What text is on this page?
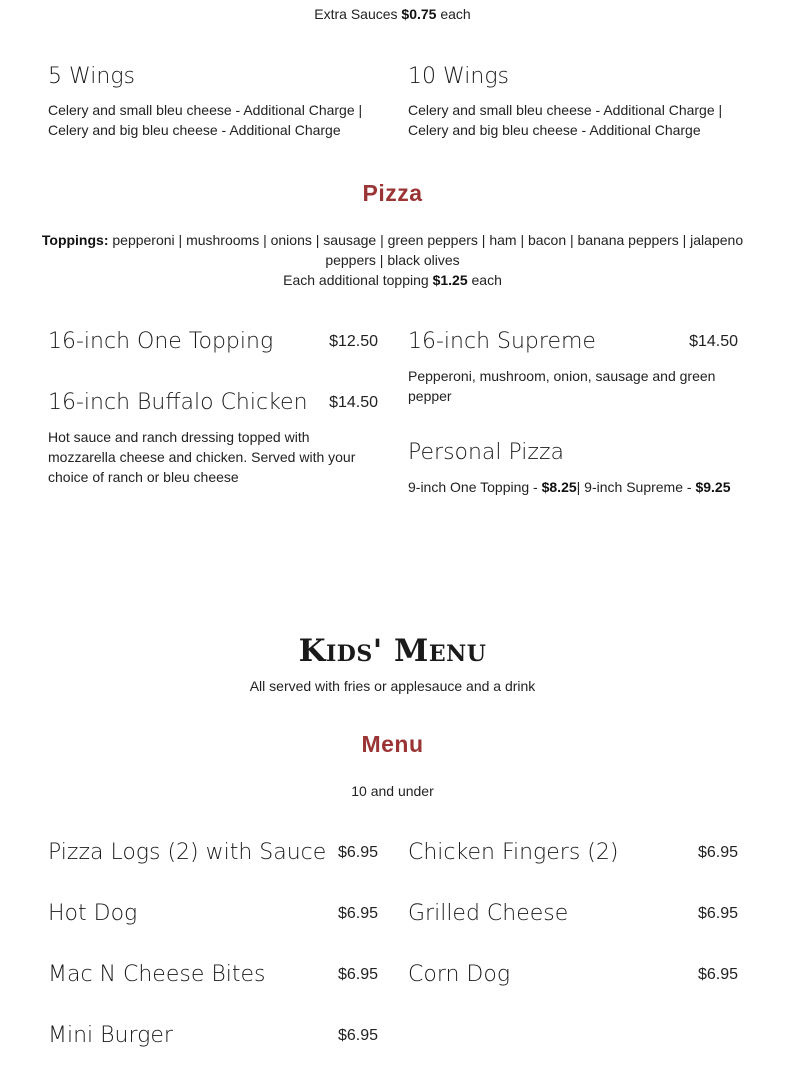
Extra Sauces $0.75 each
5 Wings
Celery and small bleu cheese - Additional Charge |
Celery and big bleu cheese - Additional Charge
10 Wings
Celery and small bleu cheese - Additional Charge |
Celery and big bleu cheese - Additional Charge
Pizza
Toppings: pepperoni | mushrooms | onions | sausage | green peppers | ham | bacon | banana peppers | jalapeno
peppers | black olives
Each additional topping $1.25 each
16-inch One Topping	$12.50
16-inch Buffalo Chicken $14.50
Hot sauce and ranch dressing topped with
mozzarella cheese and chicken. Served with your
choice of ranch or bleu cheese
16-inch Supreme	$14.50
Pepperoni, mushroom, onion, sausage and green
pepper
Personal Pizza
9-inch One Topping - $8.25| 9-inch Supreme - $9.25
Kids' Menu
All served with fries or applesauce and a drink
Menu
10 and under
Pizza Logs (2) with Sauce $6.95 Chicken Fingers (2)	$6.95
Hot Dog	$6.95 Grilled Cheese	$6.95
Mac N Cheese Bites	$6.95 Corn Dog	$6.95
Mini Burger	$6.95
